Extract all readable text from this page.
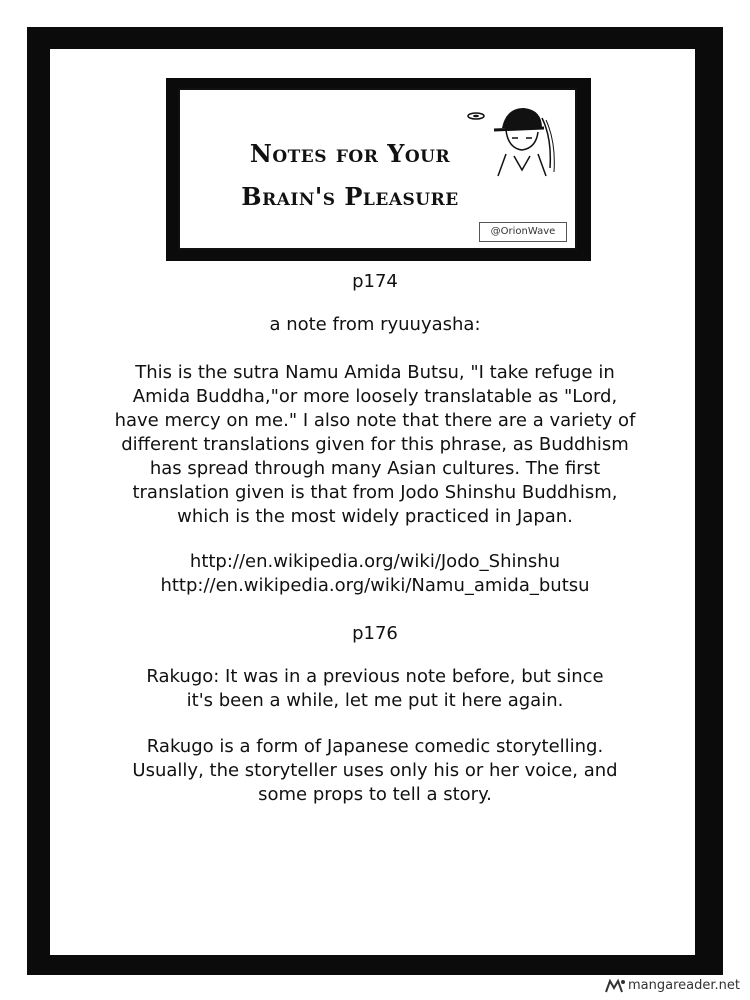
Notes for Your
Brain's Pleasure
@OrionWave

p174

a note from ryuuyasha:

This is the sutra Namu Amida Butsu, "I take refuge in

Amida Buddha,"or more loosely translatable as "Lord,

have mercy on me." I also note that there are a variety of

different translations given for this phrase, as Buddhism

has spread through many Asian cultures. The first

translation given is that from Jodo Shinshu Buddhism,

which is the most widely practiced in Japan.

http://en.wikipedia.org/wiki/Jodo_Shinshu

http://en.wikipedia.org/wiki/Namu_amida_butsu

p176

Rakugo: It was in a previous note before, but since

it's been a while, let me put it here again.

Rakugo is a form of Japanese comedic storytelling.

Usually, the storyteller uses only his or her voice, and

some props to tell a story.

mangareader.net
